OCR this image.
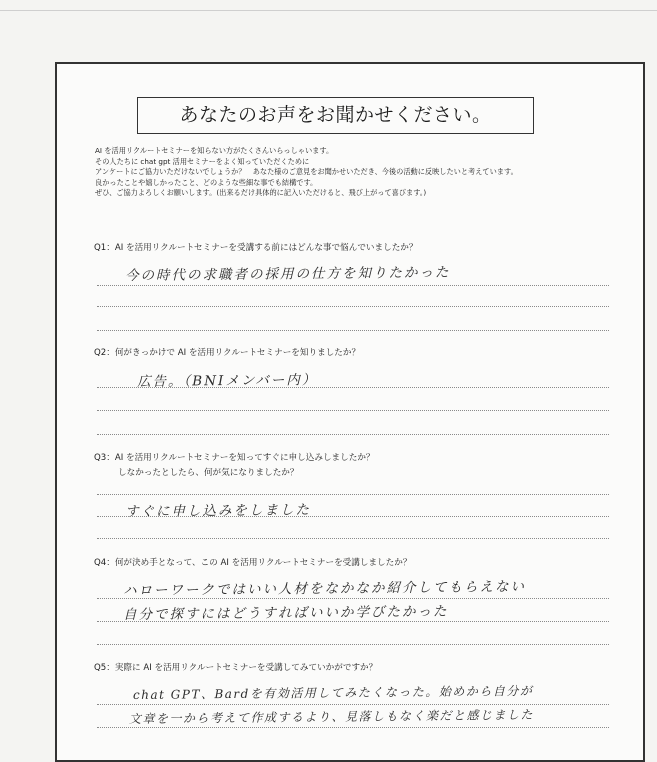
あなたのお声をお聞かせください。
AI を活用リクルートセミナーを知らない方がたくさんいらっしゃいます。
その人たちに chat gpt 活用セミナーをよく知っていただくために
アンケートにご協力いただけないでしょうか？　あなた様のご意見をお聞かせいただき、今後の活動に反映したいと考えています。
良かったことや嬉しかったこと、どのような些細な事でも結構です。
ぜひ、ご協力よろしくお願いします。(出来るだけ具体的に記入いただけると、飛び上がって喜びます。)
Q1：AI を活用リクルートセミナーを受講する前にはどんな事で悩んでいましたか？
今の時代の求職者の採用の仕方を知りたかった
Q2：何がきっかけで AI を活用リクルートセミナーを知りましたか？
広告。（BNIメンバー内）
Q3：AI を活用リクルートセミナーを知ってすぐに申し込みしましたか？
しなかったとしたら、何が気になりましたか？
すぐに申し込みをしました
Q4：何が決め手となって、この AI を活用リクルートセミナーを受講しましたか？
ハローワークではいい人材をなかなか紹介してもらえない
自分で探すにはどうすればいいか学びたかった
Q5：実際に AI を活用リクルートセミナーを受講してみていかがですか？
chat GPT、Bardを有効活用してみたくなった。始めから自分が
文章を一から考えて作成するより、見落しもなく楽だと感じました
